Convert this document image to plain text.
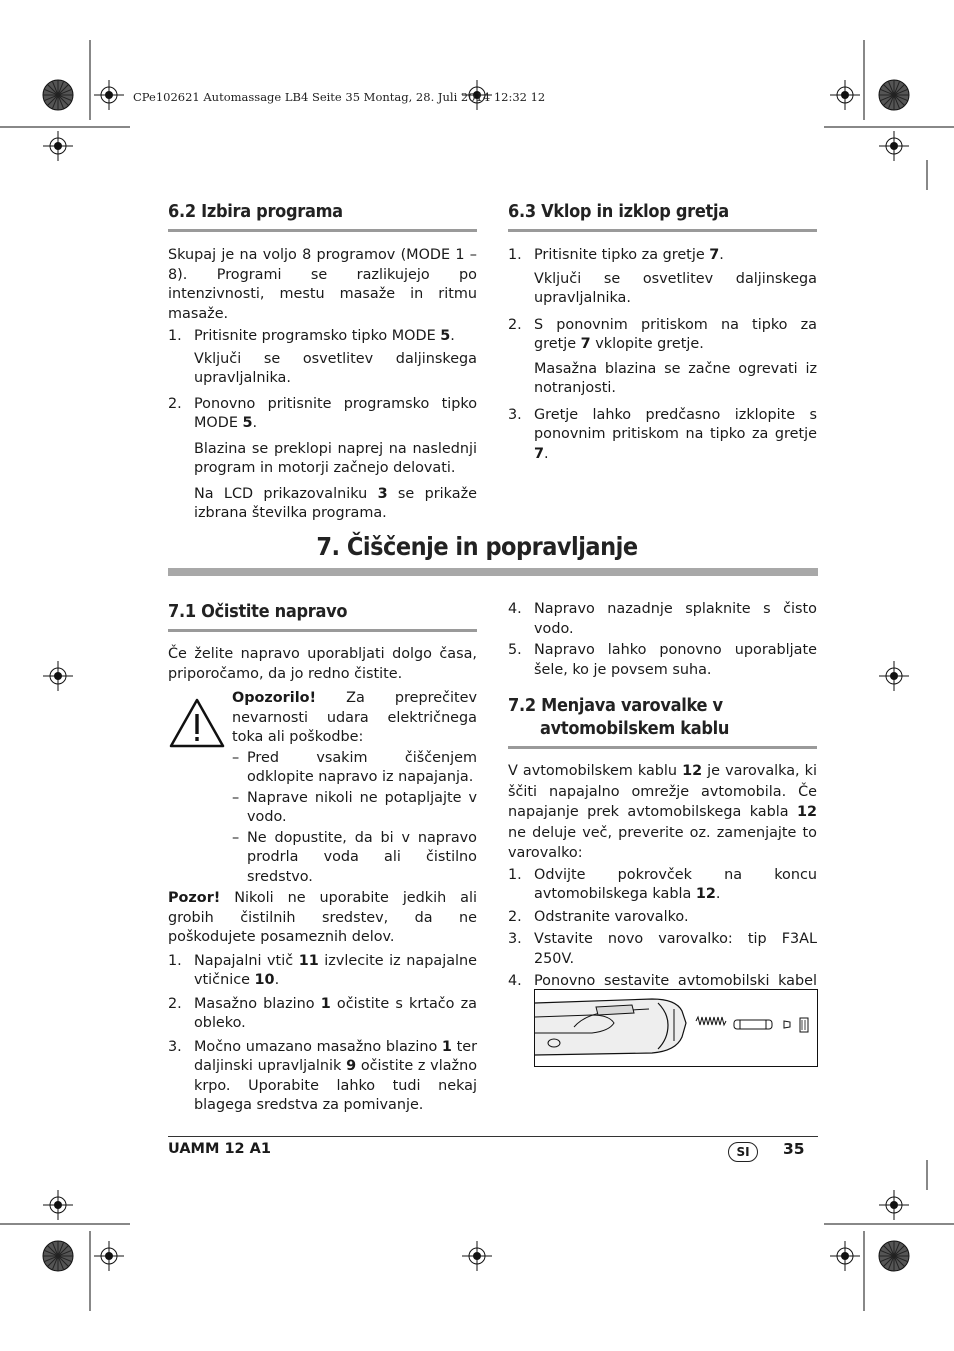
CPe102621 Automassage LB4 Seite 35 Montag, 28. Juli 2014 12:32 12
6.2 Izbira programa

Skupaj je na voljo 8 programov (MODE 1 – 8). Programi se razlikujejo po intenzivnosti, mestu masaže in ritmu masaže.

1. Pritisnite programsko tipko MODE 5.

Vključi se osvetlitev daljinskega upravljalnika.

2. Ponovno pritisnite programsko tipko MODE 5.

Blazina se preklopi naprej na naslednji program in motorji začnejo delovati.

Na LCD prikazovalniku 3 se prikaže izbrana številka programa.

6.3 Vklop in izklop gretja
1. Pritisnite tipko za gretje 7.

Vključi se osvetlitev daljinskega upravljalnika.

2. S ponovnim pritiskom na tipko za gretje 7 vklopite gretje.

Masažna blazina se začne ogrevati iz notranjosti.

3. Gretje lahko predčasno izklopite s ponovnim pritiskom na tipko za gretje 7.
7. Čiščenje in popravljanje
7.1 Očistite napravo

Če želite napravo uporabljati dolgo časa, priporočamo, da jo redno čistite.

Opozorilo! Za preprečitev nevarnosti udara električnega toka ali poškodbe:

– Pred vsakim čiščenjem odklopite napravo iz napajanja.
– Naprave nikoli ne potapljajte v vodo.
– Ne dopustite, da bi v napravo prodrla voda ali čistilno sredstvo.

Pozor! Nikoli ne uporabite jedkih ali grobih čistilnih sredstev, da ne poškodujete posameznih delov.

1. Napajalni vtič 11 izvlecite iz napajalne vtičnice 10.
2. Masažno blazino 1 očistite s krtačo za obleko.
3. Močno umazano masažno blazino 1 ter daljinski upravljalnik 9 očistite z vlažno krpo. Uporabite lahko tudi nekaj blagega sredstva za pomivanje.
4. Napravo nazadnje splaknite s čisto vodo.
5. Napravo lahko ponovno uporabljate šele, ko je povsem suha.
7.2 Menjava varovalke v
avtomobilskem kablu

V avtomobilskem kablu 12 je varovalka, ki ščiti napajalno omrežje avtomobila. Če napajanje prek avtomobilskega kabla 12 ne deluje več, preverite oz. zamenjajte to varovalko:

1. Odvijte pokrovček na koncu avtomobilskega kabla 12.
2. Odstranite varovalko.
3. Vstavite novo varovalko: tip F3AL 250V.
4. Ponovno sestavite avtomobilski kabel
UAMM 12 A1	SI	35
